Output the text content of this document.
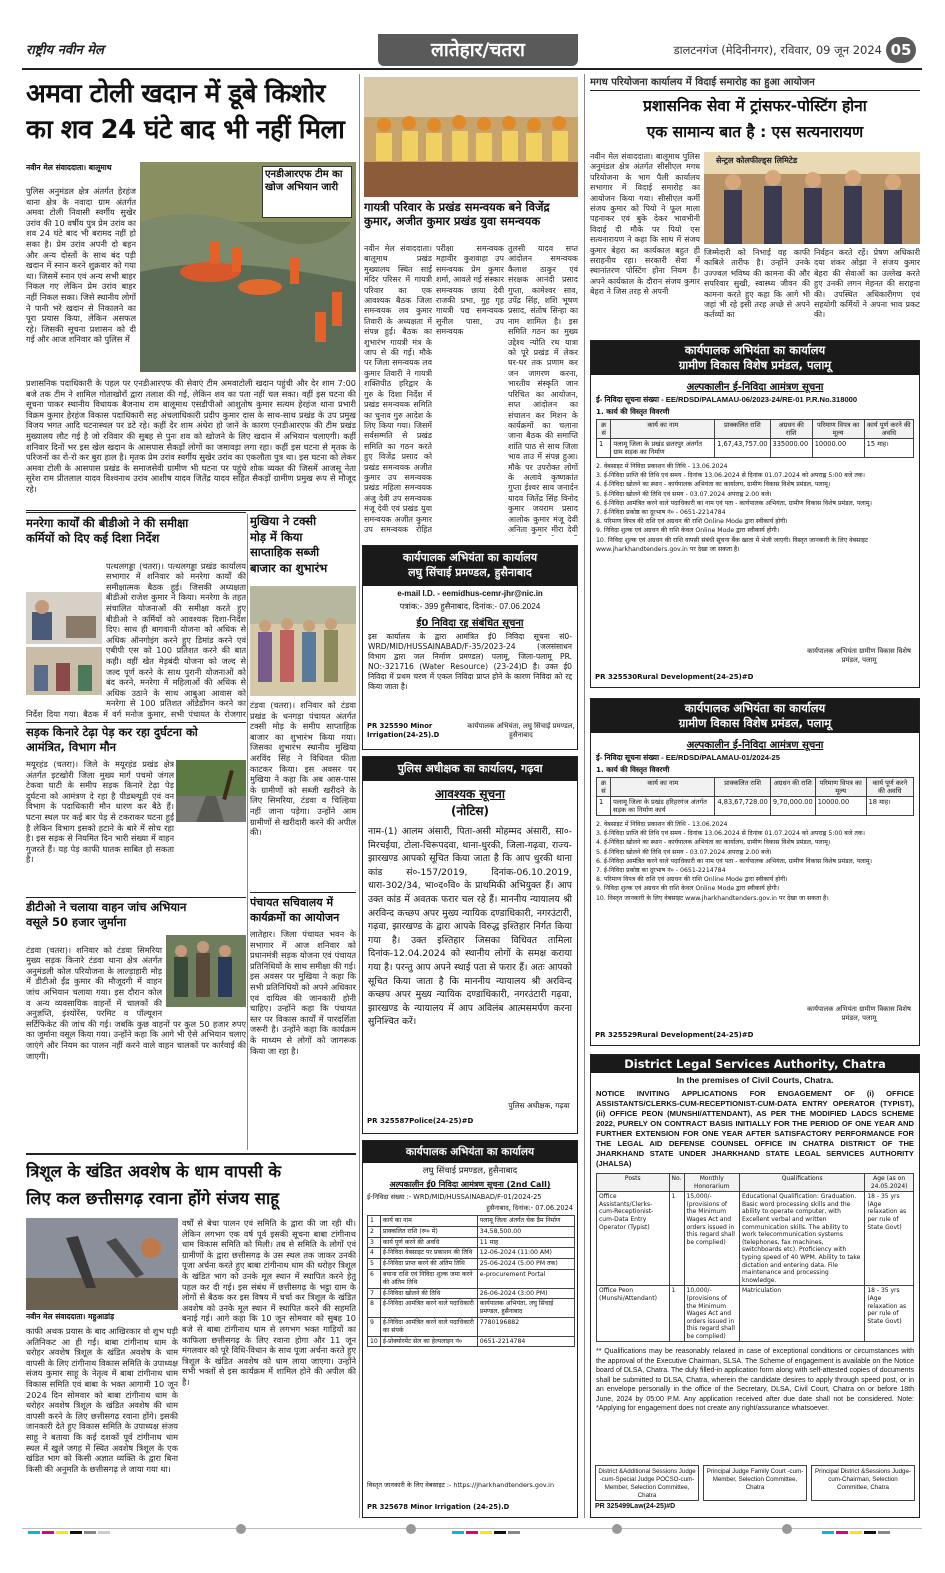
राष्ट्रीय नवीन मेल	लातेहार/चतरा	डालटनगंज (मेदिनीनगर), रविवार, 09 जून 2024 05
अमवा टोली खदान में डूबे किशोर
का शव 24 घंटे बाद भी नहीं मिला
एनडीआरएफ टीम का खोज अभियान जारी
नवीन मेल संवाददाता। बालूमाथ
पुलिस अनुमंडल क्षेत्र अंतर्गत हेरहंज थाना क्षेत्र के नवादा ग्राम अंतर्गत अमवा टोली निवासी स्वर्गीय सुखेर उरांव की 10 वर्षीय पुत्र प्रेम उरांव का शव 24 घंटे बाद भी बरामद नहीं हो सका है। प्रेम उरांव अपनी दो बहन और अन्य दोस्तों के साथ बंद पड़ी खदान में स्नान करने शुक्रवार को गया था। जिसमें स्नान एवं अन्य सभी बाहर निकल गए लेकिन प्रेम उरांव बाहर नहीं निकल सका। जिसे स्थानीय लोगों ने पानी भरे खदान से निकालने का पूरा प्रयास किया, लेकिन असफल रहे। जिसकी सूचना प्रशासन को दी गई और आज शनिवार को पुलिस में
प्रशासनिक पदाधिकारी के पहल पर एनडीआरएफ की सेवाएं टीम अमवाटोली खदान पहुंची और देर शाम 7:00 बजे तक टीम ने शामिल गोताखोरों द्वारा तलाश की गई, लेकिन शव का पता नहीं चल सका। वहीं इस घटना की सूचना पाकर स्थानीय विधायक बैजनाथ राम बालूमाथ एसडीपीओ आशुतोष कुमार सत्यम हेरहंज थाना प्रभारी विक्रम कुमार हेरहंज विकास पदाधिकारी सह अंचलाधिकारी प्रदीप कुमार दास के साथ-साथ प्रखंड के उप प्रमुख विजय भगत आदि घटनास्थल पर डटे रहे। कहीं देर शाम अंधेरा हो जाने के कारण एनडीआरएफ की टीम प्रखंड मुख्यालय लौट गई है जो रविवार की सुबह से पुनः शव को खोजने के लिए खदान में अभियान चलाएगी। कहीं शनिवार दिनों भर इस खेल खदान के आसपास सैकड़ों लोगों का जमावड़ा लगा रहा। कहीं इस घटना से मृतक के परिजनों का रो-रो कर बुरा हाल है। मृतक प्रेम उरांव स्वर्गीय सुखेर उरांव का एकलौता पुत्र था। इस घटना को लेकर अमवा टोली के आसपास प्रखंड के समाजसेवी ग्रामीण भी घटना पर पहुंचे शोक व्यक्त की जिसमें आजसू नेता सुरेश राम प्रीतलाल यादव विश्वनाथ उरांव आशीष यादव जितेंद्र यादव सहित सैकड़ों ग्रामीण प्रमुख रूप से मौजूद रहे।
गायत्री परिवार के प्रखंड समन्वयक बने विजेंद्र कुमार, अजीत कुमार प्रखंड युवा समन्वयक
नवीन मेल संवाददाता। बालूमाथ प्रखंड मुख्यालय स्थित साईं मंदिर परिसर में गायत्री परिवार का एक आवश्यक बैठक जिला समन्वयक लव कुमार तिवारी के अध्यक्षता में संपन्न हुई। बैठक का शुभारंभ गायत्री मंत्र के जाप से की गई। मौके पर जिला समन्वयक लव कुमार तिवारी ने गायत्री शक्तिपीठ हरिद्वार के गुरु के दिशा निर्देश में प्रखंड समन्वयक समिति का चुनाव गुरु आदेश के लिए किया गया। जिसमें सर्वसम्मति से प्रखंड समिति का गठन करते हुए विजेंद्र प्रसाद को प्रखंड समन्वयक अजीत कुमार उप समन्वयक प्रखंड महिला समन्वयक अंजु देवी उप समन्वयक मंजू देवी एवं प्रखंड युवा समन्वयक अजीत कुमार उप समन्वयक रोहित
परीक्षा समन्वयक महावीर कुशवाहा उप समन्वयक प्रेम कुमार शर्मा, आवले गई संस्कार समन्वयक छाया देवी राजकी प्रभा, गुह गृह गायत्री पद्य समन्वयक सुनील पासा, उप समन्वयक
तुलसी यादव सप्त आंदोलन समन्वयक कैलाश ठाकुर एवं संरक्षक आनंदी प्रसाद गुप्ता, कामेश्वर साव, उपेंद्र सिंह, शशि भूषण प्रसाद, संतोष सिन्हा का नाम शामिल है। इस समिति गठन का मुख्य उद्देश्य न्योति रथ यात्रा को पूरे प्रखंड में लेकर घर-घर तक प्रणाम कर जन जागरण करना, भारतीय संस्कृति जान परिचित का आयोजन, सप्त आंदोलन का संचालन कर मिशन के कार्यक्रमों का चलाना जाना बैठक की समाप्ति शांति पाठ से साथ जिला भाव ताउ में संपन्न हुआ। मौके पर उपरोक्त लोगों के अलावे कृष्णकांत गुप्ता ईश्वर साव जनार्दन यादव जितेंद्र सिंह विनोद कुमार जयराम प्रसाद आलोक कुमार मंजू देवी अनिता कुमार मीरा देवी
मगध परियोजना कार्यालय में विदाई समारोह का हुआ आयोजन
प्रशासनिक सेवा में ट्रांसफर-पोस्टिंग होना
एक सामान्य बात है : एस सत्यनारायण
सेन्ट्रल कोलफील्ड्स लिमिटेड
नवीन मेल संवाददाता। बालूमाथ पुलिस अनुमंडल क्षेत्र अंतर्गत सीसीएल मगध परियोजना के भाग पैली कार्यालय सभागार में विदाई समारोह का आयोजन किया गया। सीसीएल कर्मी संजय कुमार को पियो ने फूल माला पहनाकर एवं बुके देकर भावभीनी विदाई दी मौके पर पियो एस सत्यनारायण ने कहा कि साथ में संजय कुमार बेहरा का कार्यकाल बहुत ही सराहनीय रहा। सरकारी सेवा में स्थानांतरण पोस्टिंग होना नियम है। अपने कार्यकाल के दौरान संजय कुमार बेहरा ने जिस तरह से अपनी
जिम्मेदारी को निभाई वह काफी काबिले तारीफ है। उन्होंने उनके उज्ज्वल भविष्य की कामना की और सपरिवार सुखी, स्वास्थ्य जीवन की कामना करते हुए कहा कि आगे भी जहां भी रहे इसी तरह अच्छे से अपने कर्तव्यों का
निर्वहन करते रहें। प्रेषण अधिकारी दया शंकर ओझा ने संजय कुमार बेहरा की सेवाओं का उल्लेख करते हुए उनकी लगन मेहनत की सराहना की। उपस्थित अधिकारीगण एवं सहयोगी कर्मियों ने अपना भाव प्रकट की।
मनरेगा कार्यों की बीडीओ ने की समीक्षा
कर्मियों को दिए कई दिशा निर्देश

पत्थलगड्डा (चतरा)। पत्थलगड्डा प्रखंड कार्यालय सभागार में शनिवार को मनरेगा कार्यों की समीक्षात्मक बैठक हुई। जिसकी अध्यक्षता बीडीओ राजेश कुमार ने किया। मनरेगा के तहत संचालित योजनाओं की समीक्षा करते हुए बीडीओ ने कर्मियों को आवश्यक दिशा-निर्देश दिए। साथ ही बागवानी योजना को अधिक से अधिक ऑनगोइंग करने हुए डिमांड करने एवं एबीपी एस को 100 प्रतिशत करने की बात कही। वहीं खेत मेड़बंदी योजना को जल्द से जल्द पूर्ण करने के साथ पुरानी योजनाओं को बंद करने, मनरेगा में महिलाओं की अधिक से अधिक उठाने के साथ आबुआ आवास को मनरेगा से 100 प्रतिशत ऑडेडोंगन करने का निर्देश दिया गया। बैठक में वर्ग मनोज कुमार, सभी पंचायत के रोजगार

सड़क किनारे टेढ़ा पेड़ कर रहा दुर्घटना को
आमंत्रित, विभाग मौन
मयूरहंड (चतरा)। जिले के मयूरहंड प्रखंड क्षेत्र अंतर्गत इटखोरी जिला मुख्य मार्ग पचमो जंगल टेकवा घाटी के समीप सड़क किनारे टेढ़ा पेड़ दुर्घटना को आमंत्रण दे रहा है पीडब्ल्यूडी एवं वन विभाग के पदाधिकारी मौन धारण कर बैठे हैं। घटना स्थल पर कई बार पेड़ से टकराकर घटना हुई है लेकिन विभाग इसको हटाने के बारे में सोच रहा है। इस सड़क से नियमित दिन भारी संख्या में वाहन गुजरते हैं। यह पेड़ काफी घातक साबित हो सकता है।
डीटीओ ने चलाया वाहन जांच अभियान
वसूले 50 हजार जुर्माना

टंडवा (चतरा)। शनिवार को टंडवा सिमरिया मुख्य सड़क किनारे टंडवा थाना क्षेत्र अंतर्गत अनुमंडली कोल परियोजना के लाल्ड़ाहारी मोड़ में डीटीओ ईंद्र कुमार की मौजूदगी में वाहन जांच अभियान चलाया गया। इस दौरान कोल व अन्य व्यवसायिक वाहनों में चालकों की अनुज्ञप्ति, इंश्योरेंस, परमिट व पॉल्यूशन सर्टिफिकेट की जांच की गई। जबकि कुछ वाहनों पर कुल 50 हजार रुपए का जुर्माना वसूल किया गया। उन्होंने कहा कि आगे भी ऐसे अभियान चलाए जाएंगे और नियम का पालन नहीं करने वाले वाहन चालकों पर कार्रवाई की जाएगी।

मुखिया ने टक्सी
मोड़ में किया
साप्ताहिक सब्जी
बाजार का शुभारंभ
टंडवा (चतरा)। शनिवार को टंडवा प्रखंड के धनगड़ा पंचायत अंतर्गत टक्सी मोड़ के समीप साप्ताहिक बाजार का शुभारंभ किया गया। जिसका शुभारंभ स्थानीय मुखिया अरविंद सिंह ने विधिवत फीता काटकर किया। इस अवसर पर मुखिया ने कहा कि अब आस-पास के ग्रामीणों को सब्जी खरीदने के लिए सिमरिया, टंडवा व चिल्हिया नहीं जाना पड़ेगा। उन्होंने आम ग्रामीणों से खरीदारी करने की अपील की।
पंचायत सचिवालय में
कार्यक्रमों का आयोजन
लातेहार। जिला पंचायत भवन के सभागार में आज शनिवार को प्रधानमंत्री सड़क योजना एवं पंचायत प्रतिनिधियों के साथ समीक्षा की गई। इस अवसर पर मुखिया ने कहा कि सभी प्रतिनिधियों को अपने अधिकार एवं दायित्व की जानकारी होनी चाहिए। उन्होंने कहा कि पंचायत स्तर पर विकास कार्यों में पारदर्शिता जरूरी है। उन्होंने कहा कि कार्यक्रम के माध्यम से लोगों को जागरूक किया जा रहा है।
त्रिशूल के खंडित अवशेष के धाम वापसी के
लिए कल छत्तीसगढ़ रवाना होंगे संजय साहू
नवीन मेल संवाददाता। महुआडांड़
काफी अथक प्रयास के बाद आखिरकार वो शुभ घड़ी अतिनिकट आ ही गई। बाबा टांगीनाथ धाम के धरोहर अवशेष त्रिशूल के खंडित अवशेष के धाम वापसी के लिए टांगीनाथ विकास समिति के उपाध्यक्ष संजय कुमार साहू के नेतृत्व में बाबा टांगीनाथ धाम विकास समिति एवं बाबा के भक्त आगामी 10 जून 2024 दिन सोमवार को बाबा टांगीनाथ धाम के धरोहर अवशेष त्रिशूल के खंडित अवशेष की धाम वापसी करने के लिए छत्तीसगढ़ रवाना होंगे। इसकी जानकारी देते हुए विकास समिति के उपाध्यक्ष संजय साहू ने बताया कि कई दशकों पूर्व टांगीनाथ धाम स्थल में खुले जगह में स्थित अवशेष त्रिशूल के एक खंडित भाग को किसी अज्ञात व्यक्ति के द्वारा बिना किसी की अनुमति के छत्तीसगढ़ ले जाया गया था।
वर्षों से बेचा पालन एवं समिति के द्वारा की जा रही थी। लेकिन लगभग एक वर्ष पूर्व इसकी सूचना बाबा टांगीनाथ धाम विकास समिति को मिली। तब से समिति के लोगों एवं ग्रामीणों के द्वारा छत्तीसगढ़ के उस स्थल तक जाकर उनकी पूजा अर्चना करते हुए बाबा टांगीनाथ धाम की धरोहर त्रिशूल के खंडित भाग को उनके मूल स्थान में स्थापित करने हेतु पहल कर दी गई। इस संबंध में छत्तीसगढ़ के भट्ठा ग्राम के लोगों से बैठक कर इस विषय में चर्चा कर त्रिशूल के खंडित अवशेष को उनके मूल स्थान में स्थापित करने की सहमति बनाई गई। आगे कहा कि 10 जून सोमवार को सुबह 10 बजे से बाबा टांगीनाथ धाम से लगभग भक्त गाड़ियों का काफिला छत्तीसगढ़ के लिए रवाना होगा और 11 जून मंगलवार को पूरे विधि-विधान के साथ पूजा अर्चना करते हुए त्रिशूल के खंडित अवशेष को धाम लाया जाएगा। उन्होंने सभी भक्तों से इस कार्यक्रम में शामिल होने की अपील की है।
कार्यपालक अभियंता का कार्यालय
लघु सिंचाई प्रमण्डल, हुसैनाबाद
e-mail I.D. - eemidhus-cemr-jhr@nic.in
पत्रांक:- 399 हुसैनाबाद, दिनांक:- 07.06.2024
ई0 निविदा रद्द संबंधित सूचना
इस कार्यालय के द्वारा आमंत्रित ई0 निविदा सूचना सं0- WRD/MID/HUSSAINABAD/F-35/2023-24 (जलसंसाधन विभाग द्वारा जल निर्माण प्रमण्डल) पलामू, जिला-पलामू PR. NO:-321716 (Water Resource) (23-24)D है। उक्त ई0 निविदा में प्रथम चरण में एकल निविदा प्राप्त होने के कारण निविदा को रद्द किया जाता है।
PR 325590 Minor Irrigation(24-25).D
कार्यपालक अभियंता, लघु सिंचाई प्रमण्डल, हुसैनाबाद
पुलिस अधीक्षक का कार्यालय, गढ़वा
आवश्यक सूचना
(नोटिस)
नाम-(1) आलम अंसारी, पिता-असी मोहम्मद अंसारी, सा०-मिरचईया, टोला-चिरूपदवा, थाना-धुरकी, जिला-गढ़वा, राज्य-झारखण्ड आपको सूचित किया जाता है कि आप धुरकी थाना कांड सं०-157/2019, दिनांक-06.10.2019, धारा-302/34, भा०द०वि० के प्राथमिकी अभियुक्त हैं। आप उक्त कांड में अवतक फरार चल रहे हैं। माननीय न्यायालय श्री अरविन्द कच्छप अपर मुख्य न्यायिक दण्डाधिकारी, नगरउंटारी, गढ़वा, झारखण्ड के द्वारा आपके विरुद्ध इश्तिहार निर्गत किया गया है। उक्त इश्तिहार जिसका विधिवत तामिला दिनांक-12.04.2024 को स्थानीय लोगों के समक्ष कराया गया है। परन्तु आप अपने स्थाई पता से फरार हैं। अतः आपको सूचित किया जाता है कि माननीय न्यायालय श्री अरविन्द कच्छप अपर मुख्य न्यायिक दण्डाधिकारी, नगरउंटारी गढ़वा, झारखण्ड के न्यायालय में आप अविलंब आत्मसमर्पण करना सुनिश्चित करें।
पुलिस अधीक्षक, गढ़वा
PR 325587Police(24-25)#D
कार्यपालक अभियंता का कार्यालय
लघु सिंचाई प्रमण्डल, हुसैनाबाद
अल्पकालीन ई0 निविदा आमंत्रण सूचना (2nd Call)
ई-निविदा संख्या :- WRD/MID/HUSSAINABAD/F-01/2024-25
हुसैनाबाद, दिनांक:- 07.06.2024
1	कार्य का नाम	पलामू जिला अंतर्गत चेक डैम निर्माण
2	प्राक्कलित राशि (रू० में)	34,58,500.00
3	कार्य पूर्ण करने की अवधि	11 माह
4	ई-निविदा वेबसाइट पर प्रकाशन की तिथि	12-06-2024 (11:00 AM)
5	ई-निविदा प्राप्त करने की अंतिम तिथि	25-06-2024 (5:00 PM तक)
6	बयाना राशि एवं निविदा शुल्क जमा करने की अंतिम तिथि	e-procurement Portal
7	ई-निविदा खोलने की तिथि	26-06-2024 (3:00 PM)
8	ई-निविदा आमंत्रित करने वाले पदाधिकारी	कार्यपालक अभियंता, लघु सिंचाई प्रमण्डल, हुसैनाबाद
9	ई-निविदा आमंत्रित करने वाले पदाधिकारी का संपर्क	7780196882
10	ई-प्रोक्योरमेंट सेल का हेल्पलाइन नं०	0651-2214784
विस्तृत जानकारी के लिए वेबसाइट :- https://jharkhandtenders.gov.in
PR 325678 Minor Irrigation (24-25).D
कार्यपालक अभियंता का कार्यालय
ग्रामीण विकास विशेष प्रमंडल, पलामू
अल्पकालीन ई-निविदा आमंत्रण सूचना
ई- निविदा सूचना संख्या - EE/RDSD/PALAMAU-06/2023-24/RE-01 P.R.No.318000
1. कार्य की विस्तृत विवरणी
क्र सं	कार्य का नाम	प्राक्कलित राशि	अग्रधन की राशि	परिमाण विपत्र का मूल्य	कार्य पूर्ण करने की अवधि
1	पलामू जिला के प्रखंड छतरपुर अंतर्गत ग्राम सड़क का निर्माण	1,67,43,757.00	335000.00	10000.00	15 माह।
2. वेबसाइट में निविदा प्रकाशन की तिथि - 13.06.2024
3. ई-निविदा प्राप्ति की तिथि एवं समय - दिनांक 13.06.2024 से दिनांक 01.07.2024 को अपराह्न 5:00 बजे तक।
4. ई-निविदा खोलने का स्थान - कार्यपालक अभियंता का कार्यालय, ग्रामीण विकास विशेष प्रमंडल, पलामू।
5. ई-निविदा खोलने की तिथि एवं समय - 03.07.2024 अपराह्न 2.00 बजे।
6. ई-निविदा आमंत्रित करने वाले पदाधिकारी का नाम एवं पता - कार्यपालक अभियंता, ग्रामीण विकास विशेष प्रमंडल, पलामू।
7. ई-निविदा प्रकोष्ठ का दूरभाष नं० - 0651-2214784
8. परिमाण विपत्र की राशि एवं अग्रधन की राशि Online Mode द्वारा स्वीकार्य होगी।
9. निविदा शुल्क एवं अग्रधन की राशि केवल Online Mode द्वारा स्वीकार्य होगी।
10. निविदा शुल्क एवं अग्रधन की राशि वापसी संबंधी सूचना बैंक खाता में भेजी जाएगी। विस्तृत जानकारी के लिए वेबसाइट www.jharkhandtenders.gov.in पर देखा जा सकता है।
कार्यपालक अभियंता ग्रामीण विकास विशेष प्रमंडल, पलामू
PR 325530Rural Development(24-25)#D
कार्यपालक अभियंता का कार्यालय
ग्रामीण विकास विशेष प्रमंडल, पलामू
अल्पकालीन ई-निविदा आमंत्रण सूचना
ई- निविदा सूचना संख्या - EE/RDSD/PALAMAU-01/2024-25
1. कार्य की विस्तृत विवरणी
क्र सं	कार्य का नाम	प्राक्कलित राशि	अग्रधन की राशि	परिमाण विपत्र का मूल्य	कार्य पूर्ण करने की अवधि
1	पलामू जिला के प्रखंड हरिहरगंज अंतर्गत सड़क का निर्माण कार्य	4,83,67,728.00	9,70,000.00	10000.00	18 माह।
2. वेबसाइट में निविदा प्रकाशन की तिथि - 13.06.2024
3. ई-निविदा प्राप्ति की तिथि एवं समय - दिनांक 13.06.2024 से दिनांक 01.07.2024 को अपराह्न 5:00 बजे तक।
4. ई-निविदा खोलने का स्थान - कार्यपालक अभियंता का कार्यालय, ग्रामीण विकास विशेष प्रमंडल, पलामू।
5. ई-निविदा खोलने की तिथि एवं समय - 03.07.2024 अपराह्न 2.00 बजे।
6. ई-निविदा आमंत्रित करने वाले पदाधिकारी का नाम एवं पता - कार्यपालक अभियंता, ग्रामीण विकास विशेष प्रमंडल, पलामू।
7. ई-निविदा प्रकोष्ठ का दूरभाष नं० - 0651-2214784
8. परिमाण विपत्र की राशि एवं अग्रधन की राशि Online Mode द्वारा स्वीकार्य होगी।
9. निविदा शुल्क एवं अग्रधन की राशि केवल Online Mode द्वारा स्वीकार्य होगी।
10. विस्तृत जानकारी के लिए वेबसाइट www.jharkhandtenders.gov.in पर देखा जा सकता है।
कार्यपालक अभियंता ग्रामीण विकास विशेष प्रमंडल, पलामू
PR 325529Rural Development(24-25)#D
District Legal Services Authority, Chatra
In the premises of Civil Courts, Chatra.
NOTICE INVITING APPLICATIONS FOR ENGAGEMENT OF (i) OFFICE ASSISTANTS/CLERKS-CUM-RECEPTIONIST-CUM-DATA ENTRY OPERATOR (TYPIST), (ii) OFFICE PEON (MUNSHI/ATTENDANT), AS PER THE MODIFIED LADCS SCHEME 2022, PURELY ON CONTRACT BASIS INITIALLY FOR THE PERIOD OF ONE YEAR AND FURTHER EXTENSION FOR ONE YEAR AFTER SATISFACTORY PERFORMANCE FOR THE LEGAL AID DEFENSE COUNSEL OFFICE IN CHATRA DISTRICT OF THE JHARKHAND STATE UNDER JHARKHAND STATE LEGAL SERVICES AUTHORITY (JHALSA)
Posts	No.	Monthly Honorarium	Qualifications	Age (as on 24.05.2024)
Office Assistants/Clerks-cum-Receptionist-cum-Data Entry Operator (Typist)	1	15,000/- (provisions of the Minimum Wages Act and orders issued in this regard shall be complied)	Educational Qualification: Graduation. Basic word processing skills and the ability to operate computer, with Excellent verbal and written communication skills. The ability to work telecommunication systems (telephones, fax machines, switchboards etc). Proficiency with typing speed of 40 WPM. Ability to take dictation and entering data. File maintenance and processing knowledge.	18 - 35 yrs (Age relaxation as per rule of State Govt)
Office Peon (Munshi/Attendant)	1	10,000/- (provisions of the Minimum Wages Act and orders issued in this regard shall be complied)	Matriculation	18 - 35 yrs (Age relaxation as per rule of State Govt)
** Qualifications may be reasonably relaxed in case of exceptional conditions or circumstances with the approval of the Executive Chairman, SLSA. The Scheme of engagement is available on the Notice board of DLSA, Chatra. The duly filled-in application form along with self-attested copies of documents shall be submitted to DLSA, Chatra, wherein the candidate desires to apply through speed post, or in an envelope personally in the office of the Secretary, DLSA, Civil Court, Chatra on or before 18th June, 2024 by 05:00 P.M. Any application received after due date shall not be considered. Note: *Applying for engagement does not create any right/assurance whatsoever.
District &Additional Sessions Judge -cum-Special Judge POCSO-cum-Member, Selection Committee, Chatra
Principal Judge Family Court -cum-Member, Selection Committee, Chatra
Principal District &Sessions Judge-cum-Chairman, Selection Committee, Chatra
PR 325499Law(24-25)#D
